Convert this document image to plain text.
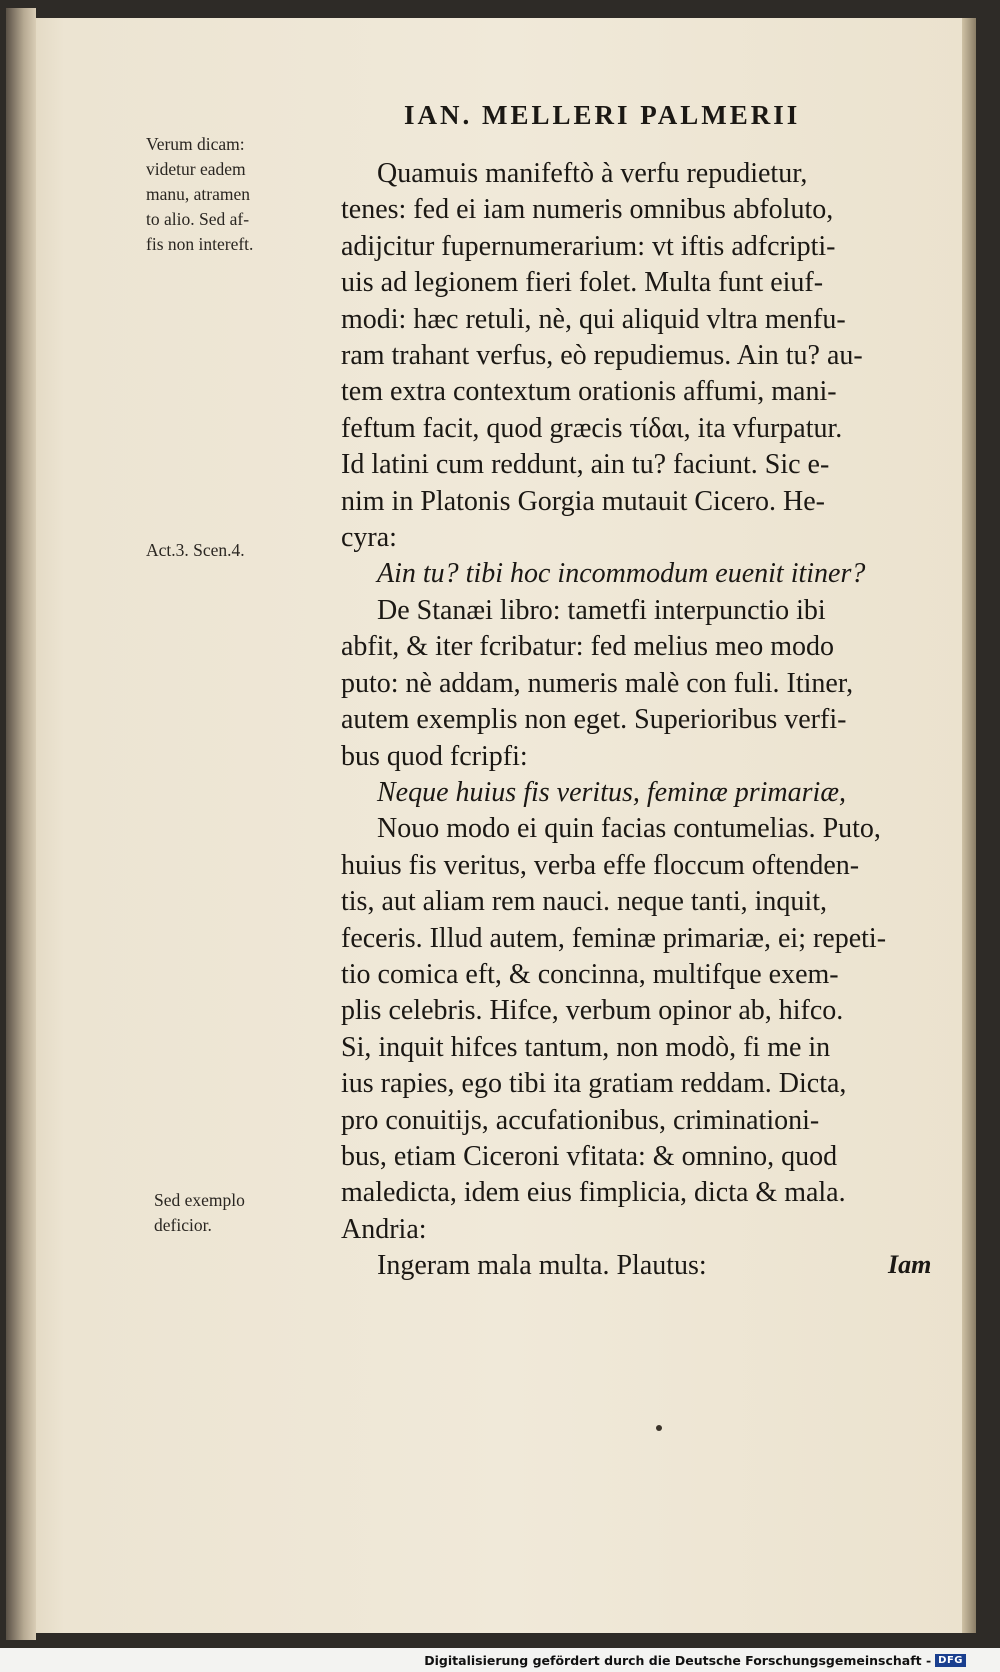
IAN. MELLERI PALMERII
Verum dicam:
videtur eadem
manu, atramen
to alio. Sed af-
fis non intereft.
Act.3. Scen.4.
Sed exemplo
deficior.
Quamuis manifeftò à verfu repudietur,
tenes: fed ei iam numeris omnibus abfoluto,
adijcitur fupernumerarium: vt iftis adfcripti-
uis ad legionem fieri folet. Multa funt eiuf-
modi: hæc retuli, nè, qui aliquid vltra menfu-
ram trahant verfus, eò repudiemus. Ain tu? au-
tem extra contextum orationis affumi, mani-
feftum facit, quod græcis τίδαι, ita vfurpatur.
Id latini cum reddunt, ain tu? faciunt. Sic e-
nim in Platonis Gorgia mutauit Cicero. He-
cyra:
Ain tu? tibi hoc incommodum euenit itiner?
De Stanæi libro: tametfi interpunctio ibi
abfit, & iter fcribatur: fed melius meo modo
puto: nè addam, numeris malè con fuli. Itiner,
autem exemplis non eget. Superioribus verfi-
bus quod fcripfi:
Neque huius fis veritus, feminæ primariæ,
Nouo modo ei quin facias contumelias. Puto,
huius fis veritus, verba effe floccum oftenden-
tis, aut aliam rem nauci. neque tanti, inquit,
feceris. Illud autem, feminæ primariæ, ei; repeti-
tio comica eft, & concinna, multifque exem-
plis celebris. Hifce, verbum opinor ab, hifco.
Si, inquit hifces tantum, non modò, fi me in
ius rapies, ego tibi ita gratiam reddam. Dicta,
pro conuitijs, accufationibus, criminationi-
bus, etiam Ciceroni vfitata: & omnino, quod
maledicta, idem eius fimplicia, dicta & mala.
Andria:
Ingeram mala multa. Plautus:	Iam
Digitalisierung gefördert durch die Deutsche Forschungsgemeinschaft - DFG
